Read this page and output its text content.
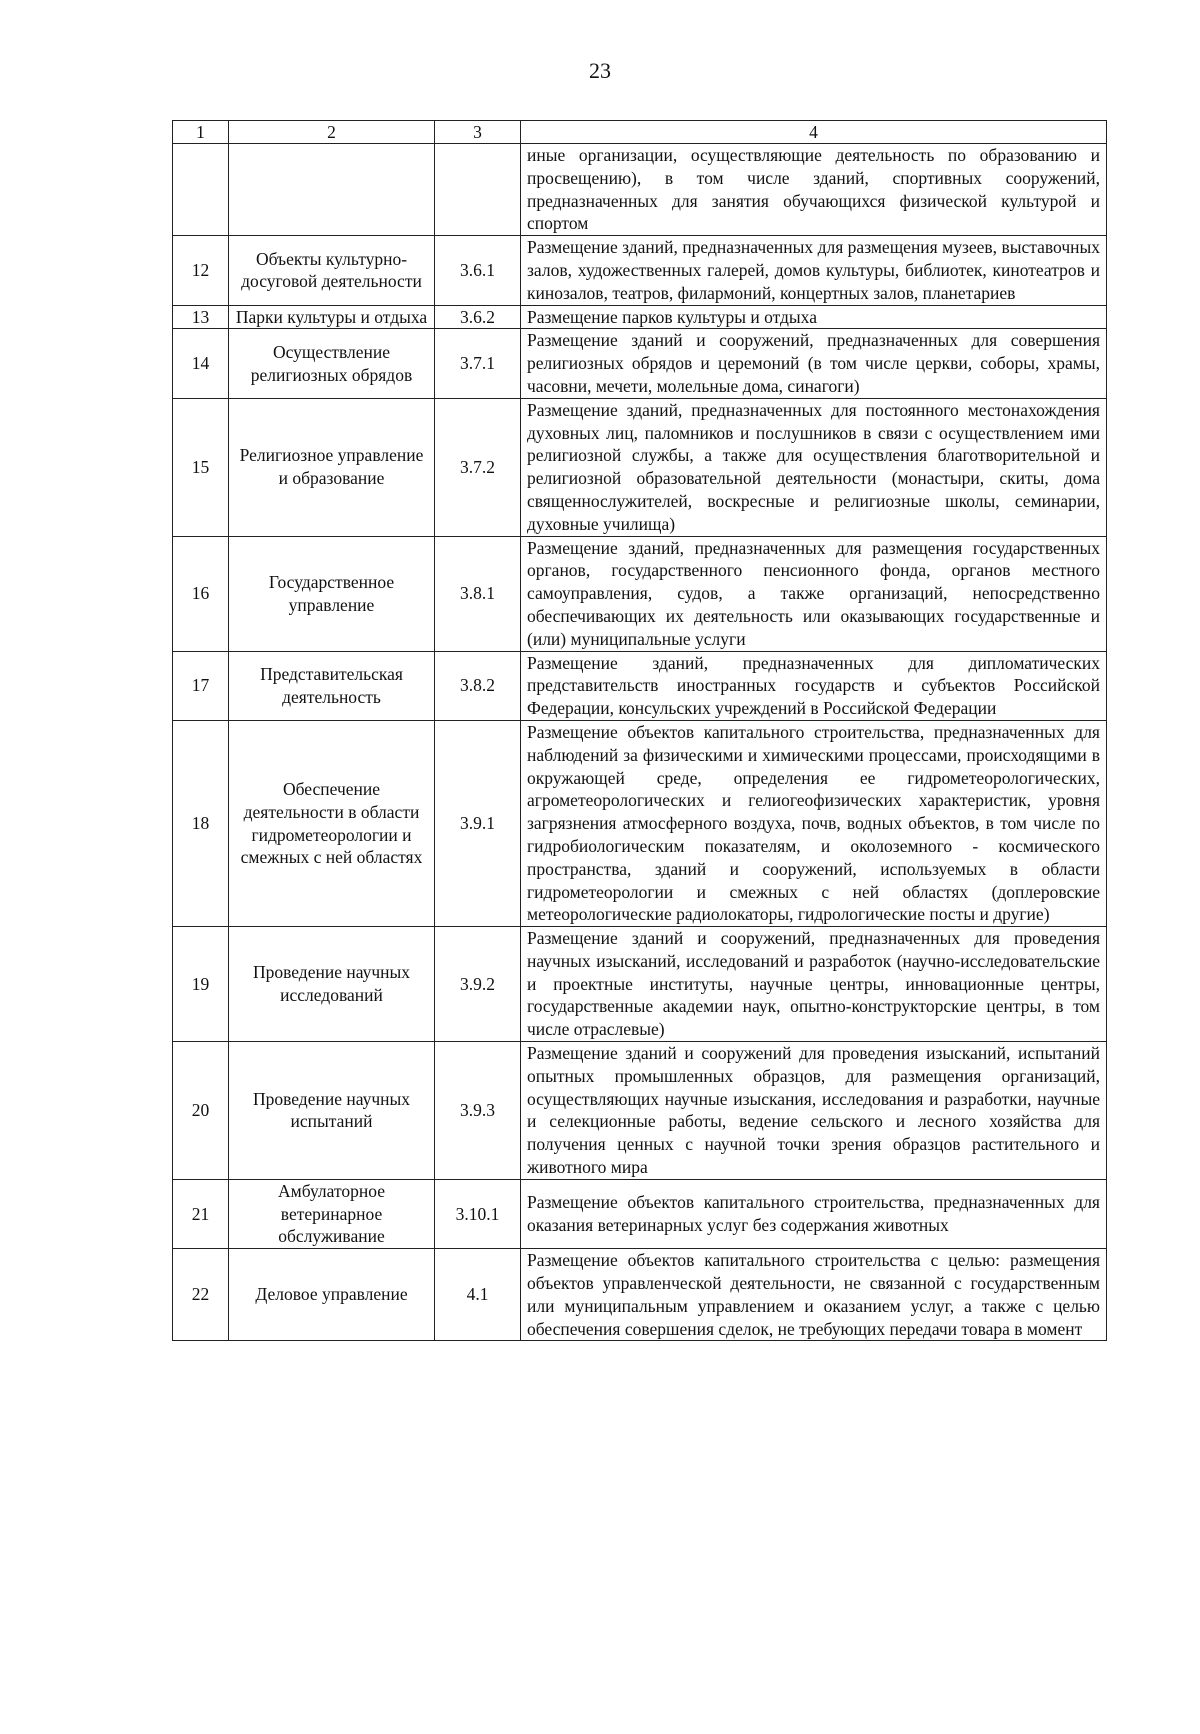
23
1	2	3	4
			иные организации, осуществляющие деятельность по образованию и просвещению), в том числе зданий, спортивных сооружений, предназначенных для занятия обучающихся физической культурой и спортом
12	Объекты культурно-досуговой деятельности	3.6.1	Размещение зданий, предназначенных для размещения музеев, выставочных залов, художественных галерей, домов культуры, библиотек, кинотеатров и кинозалов, театров, филармоний, концертных залов, планетариев
13	Парки культуры и отдыха	3.6.2	Размещение парков культуры и отдыха
14	Осуществление религиозных обрядов	3.7.1	Размещение зданий и сооружений, предназначенных для совершения религиозных обрядов и церемоний (в том числе церкви, соборы, храмы, часовни, мечети, молельные дома, синагоги)
15	Религиозное управление и образование	3.7.2	Размещение зданий, предназначенных для постоянного местонахождения духовных лиц, паломников и послушников в связи с осуществлением ими религиозной службы, а также для осуществления благотворительной и религиозной образовательной деятельности (монастыри, скиты, дома священнослужителей, воскресные и религиозные школы, семинарии, духовные училища)
16	Государственное управление	3.8.1	Размещение зданий, предназначенных для размещения государственных органов, государственного пенсионного фонда, органов местного самоуправления, судов, а также организаций, непосредственно обеспечивающих их деятельность или оказывающих государственные и (или) муниципальные услуги
17	Представительская деятельность	3.8.2	Размещение зданий, предназначенных для дипломатических представительств иностранных государств и субъектов Российской Федерации, консульских учреждений в Российской Федерации
18	Обеспечение деятельности в области гидрометеорологии и смежных с ней областях	3.9.1	Размещение объектов капитального строительства, предназначенных для наблюдений за физическими и химическими процессами, происходящими в окружающей среде, определения ее гидрометеорологических, агрометеорологических и гелиогеофизических характеристик, уровня загрязнения атмосферного воздуха, почв, водных объектов, в том числе по гидробиологическим показателям, и околоземного - космического пространства, зданий и сооружений, используемых в области гидрометеорологии и смежных с ней областях (доплеровские метеорологические радиолокаторы, гидрологические посты и другие)
19	Проведение научных исследований	3.9.2	Размещение зданий и сооружений, предназначенных для проведения научных изысканий, исследований и разработок (научно-исследовательские и проектные институты, научные центры, инновационные центры, государственные академии наук, опытно-конструкторские центры, в том числе отраслевые)
20	Проведение научных испытаний	3.9.3	Размещение зданий и сооружений для проведения изысканий, испытаний опытных промышленных образцов, для размещения организаций, осуществляющих научные изыскания, исследования и разработки, научные и селекционные работы, ведение сельского и лесного хозяйства для получения ценных с научной точки зрения образцов растительного и животного мира
21	Амбулаторное ветеринарное обслуживание	3.10.1	Размещение объектов капитального строительства, предназначенных для оказания ветеринарных услуг без содержания животных
22	Деловое управление	4.1	Размещение объектов капитального строительства с целью: размещения объектов управленческой деятельности, не связанной с государственным или муниципальным управлением и оказанием услуг, а также с целью обеспечения совершения сделок, не требующих передачи товара в момент
